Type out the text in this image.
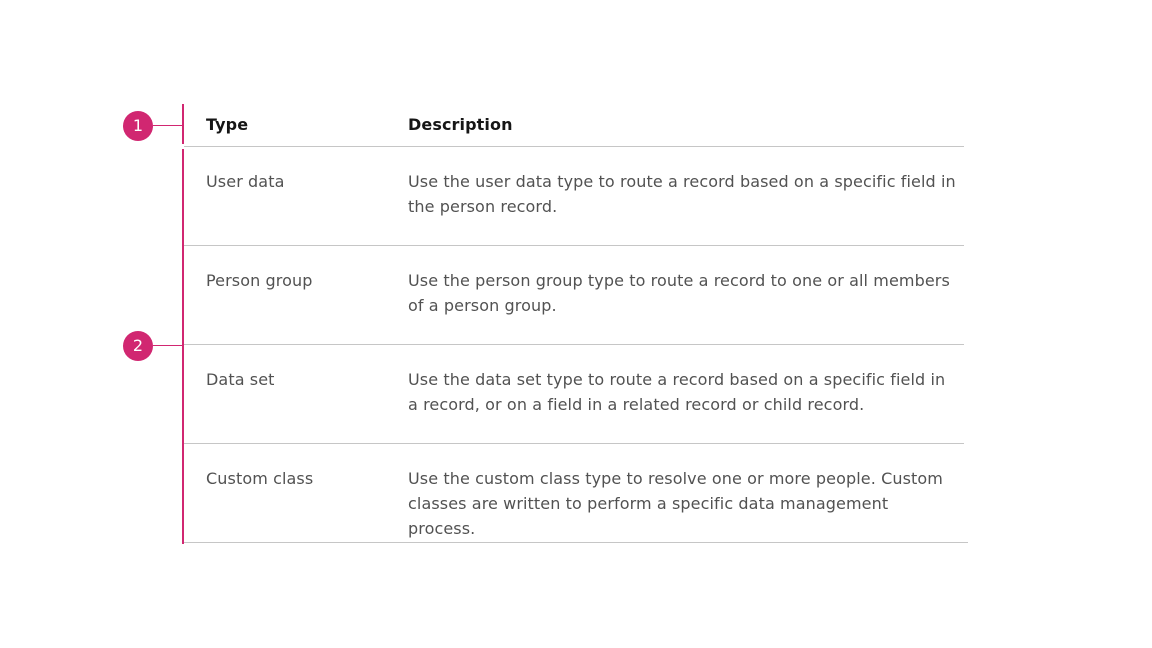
1
2
Type	Description
User data	Use the user data type to route a record based on a specific field in the person record.
Person group	Use the person group type to route a record to one or all members of a person group.
Data set	Use the data set type to route a record based on a specific field in a record, or on a field in a related record or child record.
Custom class	Use the custom class type to resolve one or more people. Custom classes are written to perform a specific data management process.
